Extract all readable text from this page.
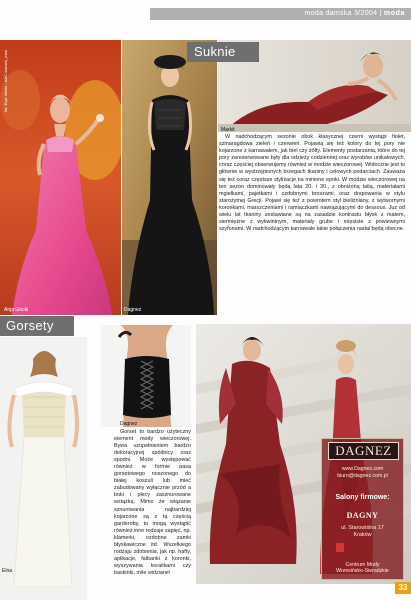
moda damska 3/2004 | moda
fot. Eryk Weiss - ABC woman_man
Anja Gocki	Dagnez
Markit
Suknie
W nadchodzącym sezonie obok klasycznej czerni wystąpi fiolet, szmaragdowa zieleń i czerwień. Pojawią się też kolory do tej pory nie kojarzone z karnawałem, jak biel czy żółty. Elementy postarzania, które do tej pory zarezerwowane były dla odzieży codziennej oraz wyrobów unikatowych, coraz częściej obserwujemy również w modzie wieczorowej. Widoczne jest to głównie w wystrzępionych brzegach tkaniny i celowych podarciach. Zauważa się też coraz częstsze stylizacje na minione epoki. W modzie wieczorowej na ten sezon dominowały będą lata 20. i 30., z obniżoną talią, materiałami mgiełkami, pajetkami i ozdobnymi broszami, oraz drapowania w stylu starożytnej Grecji. Pojawi się też z powrotem styl bieliźniany, z wytwornymi koronkami, marszczeniami i ramiączkami nawiązującymi do dessous. Juz od wielu lat tkaniny zestawiane są na zasadzie kontrastu błysk z matem, siermiężne z wykwintnym, materiały grube i mięsiste z powiewnymi szyfonami. W nadchodzącym karnawale takie połączenia nadal będą obecne.
Gorsety
Elna
Dagnez
Gorset to bardzo użyteczny element mody wieczorowej. Bywa uzupełnieniem bardzo dekoracyjnej spódnicy oraz spodni. Może występować również w formie pasa gorsetowego noszonego do białej koszuli lub mieć zabudowany wyłącznie przód a boki i plecy zasznurowane wstążką. Mimo że wiązanie sznurowania najbardziej kojarzone są z tą częścią garderoby, to mogą wystąpić również inne rodzaje zapięć, np. klamerki, ozdobne zamki błyskawiczne itd. Wszelkiego rodzaju zdobienia, jak np. hafty, aplikacje, falbanki z koronki, wyszywania koralikami czy baskinki, mile widziane!
DAGNEZ
www.Dagnez.com
biuro@dagnez.com.pl
Salony firmowe:
DAGNY
ul. Starowiślna 17
Kraków
Centrum Mody
Wrzesińsko-Sieradzkie
33
